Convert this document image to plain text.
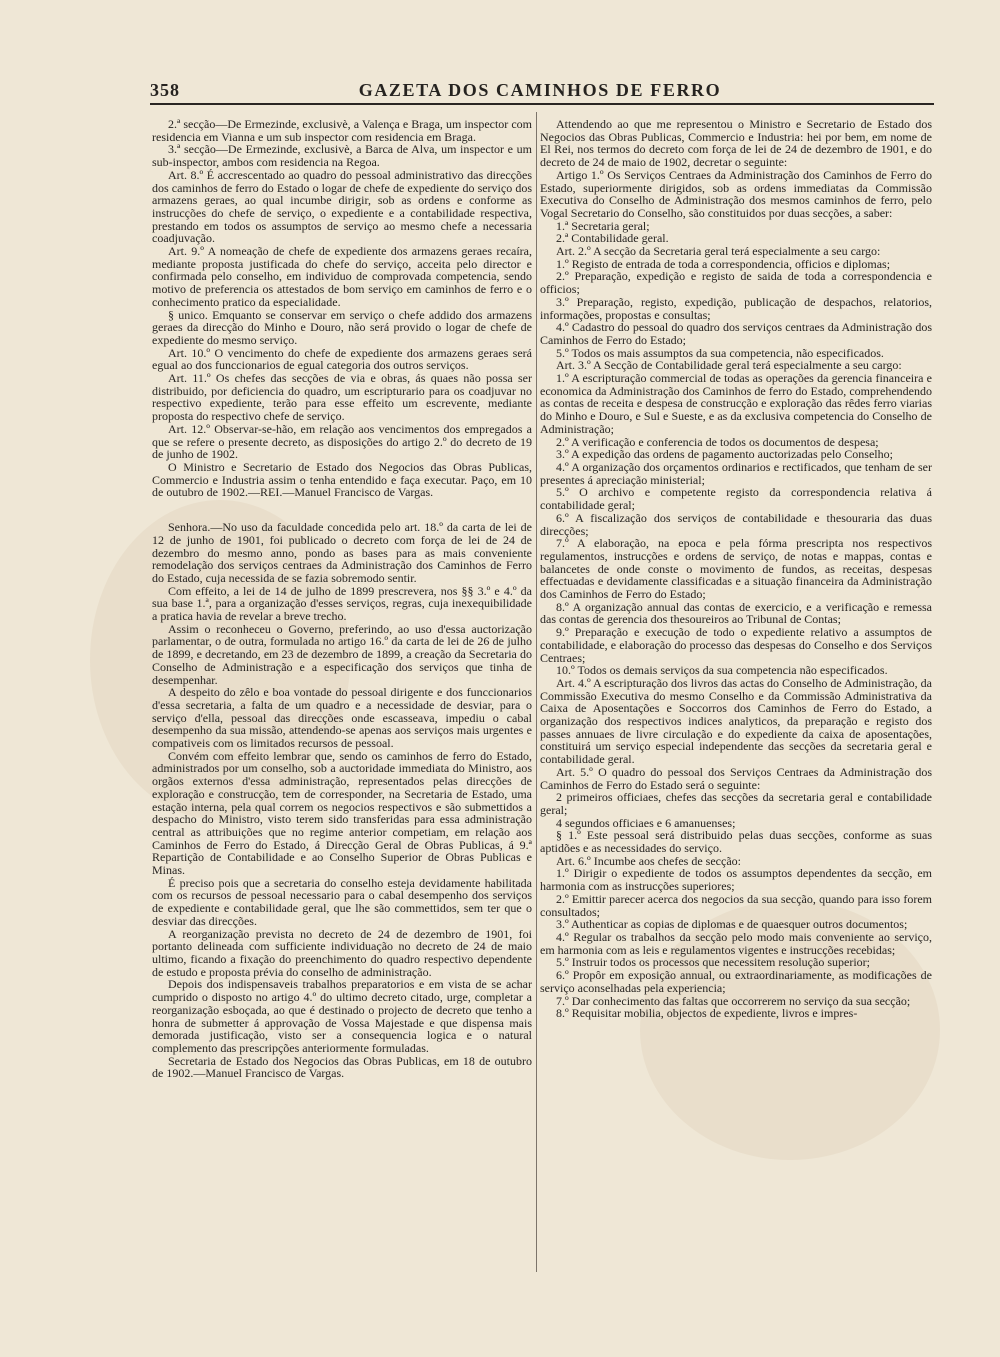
358	GAZETA DOS CAMINHOS DE FERRO

2.ª secção—De Ermezinde, exclusivè, a Valença e Braga, um inspector com residencia em Vianna e um sub inspector com residencia em Braga.

3.ª secção—De Ermezinde, exclusivè, a Barca de Alva, um inspector e um sub-inspector, ambos com residencia na Regoa.

Art. 8.º É accrescentado ao quadro do pessoal administrativo das direcções dos caminhos de ferro do Estado o logar de chefe de expediente do serviço dos armazens geraes, ao qual incumbe dirigir, sob as ordens e conforme as instrucções do chefe de serviço, o expediente e a contabilidade respectiva, prestando em todos os assumptos de serviço ao mesmo chefe a necessaria coadjuvação.

Art. 9.º A nomeação de chefe de expediente dos armazens geraes recaíra, mediante proposta justificada do chefe do serviço, acceita pelo director e confirmada pelo conselho, em individuo de comprovada competencia, sendo motivo de preferencia os attestados de bom serviço em caminhos de ferro e o conhecimento pratico da especialidade.

§ unico. Emquanto se conservar em serviço o chefe addido dos armazens geraes da direcção do Minho e Douro, não será provido o logar de chefe de expediente do mesmo serviço.

Art. 10.º O vencimento do chefe de expediente dos armazens geraes será egual ao dos funccionarios de egual categoria dos outros serviços.

Art. 11.º Os chefes das secções de via e obras, ás quaes não possa ser distribuido, por deficiencia do quadro, um escripturario para os coadjuvar no respectivo expediente, terão para esse effeito um escrevente, mediante proposta do respectivo chefe de serviço.

Art. 12.º Observar-se-hão, em relação aos vencimentos dos empregados a que se refere o presente decreto, as disposições do artigo 2.º do decreto de 19 de junho de 1902.

O Ministro e Secretario de Estado dos Negocios das Obras Publicas, Commercio e Industria assim o tenha entendido e faça executar. Paço, em 10 de outubro de 1902.—REI.—Manuel Francisco de Vargas.

Senhora.—No uso da faculdade concedida pelo art. 18.º da carta de lei de 12 de junho de 1901, foi publicado o decreto com força de lei de 24 de dezembro do mesmo anno, pondo as bases para as mais conveniente remodelação dos serviços centraes da Administração dos Caminhos de Ferro do Estado, cuja necessida de se fazia sobremodo sentir.

Com effeito, a lei de 14 de julho de 1899 prescrevera, nos §§ 3.º e 4.º da sua base 1.ª, para a organização d'esses serviços, regras, cuja inexequibilidade a pratica havia de revelar a breve trecho.

Assim o reconheceu o Governo, preferindo, ao uso d'essa auctorização parlamentar, o de outra, formulada no artigo 16.º da carta de lei de 26 de julho de 1899, e decretando, em 23 de dezembro de 1899, a creação da Secretaria do Conselho de Administração e a especificação dos serviços que tinha de desempenhar.

A despeito do zêlo e boa vontade do pessoal dirigente e dos funccionarios d'essa secretaria, a falta de um quadro e a necessidade de desviar, para o serviço d'ella, pessoal das direcções onde escasseava, impediu o cabal desempenho da sua missão, attendendo-se apenas aos serviços mais urgentes e compativeis com os limitados recursos de pessoal.

Convém com effeito lembrar que, sendo os caminhos de ferro do Estado, administrados por um conselho, sob a auctoridade immediata do Ministro, aos orgãos externos d'essa administração, representados pelas direcções de exploração e construcção, tem de corresponder, na Secretaria de Estado, uma estação interna, pela qual correm os negocios respectivos e são submettidos a despacho do Ministro, visto terem sido transferidas para essa administração central as attribuições que no regime anterior competiam, em relação aos Caminhos de Ferro do Estado, á Direcção Geral de Obras Publicas, á 9.ª Repartição de Contabilidade e ao Conselho Superior de Obras Publicas e Minas.

É preciso pois que a secretaria do conselho esteja devidamente habilitada com os recursos de pessoal necessario para o cabal desempenho dos serviços de expediente e contabilidade geral, que lhe são commettidos, sem ter que o desviar das direcções.

A reorganização prevista no decreto de 24 de dezembro de 1901, foi portanto delineada com sufficiente individuação no decreto de 24 de maio ultimo, ficando a fixação do preenchimento do quadro respectivo dependente de estudo e proposta prévia do conselho de administração.

Depois dos indispensaveis trabalhos preparatorios e em vista de se achar cumprido o disposto no artigo 4.º do ultimo decreto citado, urge, completar a reorganização esboçada, ao que é destinado o projecto de decreto que tenho a honra de submetter á approvação de Vossa Majestade e que dispensa mais demorada justificação, visto ser a consequencia logica e o natural complemento das prescripções anteriormente formuladas.

Secretaria de Estado dos Negocios das Obras Publicas, em 18 de outubro de 1902.—Manuel Francisco de Vargas.

Attendendo ao que me representou o Ministro e Secretario de Estado dos Negocios das Obras Publicas, Commercio e Industria: hei por bem, em nome de El Rei, nos termos do decreto com força de lei de 24 de dezembro de 1901, e do decreto de 24 de maio de 1902, decretar o seguinte:

Artigo 1.º Os Serviços Centraes da Administração dos Caminhos de Ferro do Estado, superiormente dirigidos, sob as ordens immediatas da Commissão Executiva do Conselho de Administração dos mesmos caminhos de ferro, pelo Vogal Secretario do Conselho, são constituidos por duas secções, a saber:

1.ª Secretaria geral;

2.ª Contabilidade geral.

Art. 2.º A secção da Secretaria geral terá especialmente a seu cargo:

1.º Registo de entrada de toda a correspondencia, officios e diplomas;

2.º Preparação, expedição e registo de saida de toda a correspondencia e officios;

3.º Preparação, registo, expedição, publicação de despachos, relatorios, informações, propostas e consultas;

4.º Cadastro do pessoal do quadro dos serviços centraes da Administração dos Caminhos de Ferro do Estado;

5.º Todos os mais assumptos da sua competencia, não especificados.

Art. 3.º A Secção de Contabilidade geral terá especialmente a seu cargo:

1.º A escripturação commercial de todas as operações da gerencia financeira e economica da Administração dos Caminhos de ferro do Estado, comprehendendo as contas de receita e despesa de construcção e exploração das rêdes ferro viarias do Minho e Douro, e Sul e Sueste, e as da exclusiva competencia do Conselho de Administração;

2.º A verificação e conferencia de todos os documentos de despesa;

3.º A expedição das ordens de pagamento auctorizadas pelo Conselho;

4.º A organização dos orçamentos ordinarios e rectificados, que tenham de ser presentes á apreciação ministerial;

5.º O archivo e competente registo da correspondencia relativa á contabilidade geral;

6.º A fiscalização dos serviços de contabilidade e thesouraria das duas direcções;

7.º A elaboração, na epoca e pela fórma prescripta nos respectivos regulamentos, instrucções e ordens de serviço, de notas e mappas, contas e balancetes de onde conste o movimento de fundos, as receitas, despesas effectuadas e devidamente classificadas e a situação financeira da Administração dos Caminhos de Ferro do Estado;

8.º A organização annual das contas de exercicio, e a verificação e remessa das contas de gerencia dos thesoureiros ao Tribunal de Contas;

9.º Preparação e execução de todo o expediente relativo a assumptos de contabilidade, e elaboração do processo das despesas do Conselho e dos Serviços Centraes;

10.º Todos os demais serviços da sua competencia não especificados.

Art. 4.º A escripturação dos livros das actas do Conselho de Administração, da Commissão Executiva do mesmo Conselho e da Commissão Administrativa da Caixa de Aposentações e Soccorros dos Caminhos de Ferro do Estado, a organização dos respectivos indices analyticos, da preparação e registo dos passes annuaes de livre circulação e do expediente da caixa de aposentações, constituirá um serviço especial independente das secções da secretaria geral e contabilidade geral.

Art. 5.º O quadro do pessoal dos Serviços Centraes da Administração dos Caminhos de Ferro do Estado será o seguinte:

2 primeiros officiaes, chefes das secções da secretaria geral e contabilidade geral;

4 segundos officiaes e 6 amanuenses;

§ 1.º Este pessoal será distribuido pelas duas secções, conforme as suas aptidões e as necessidades do serviço.

Art. 6.º Incumbe aos chefes de secção:

1.º Dirigir o expediente de todos os assumptos dependentes da secção, em harmonia com as instrucções superiores;

2.º Emittir parecer acerca dos negocios da sua secção, quando para isso forem consultados;

3.º Authenticar as copias de diplomas e de quaesquer outros documentos;

4.º Regular os trabalhos da secção pelo modo mais conveniente ao serviço, em harmonia com as leis e regulamentos vigentes e instrucções recebidas;

5.º Instruir todos os processos que necessitem resolução superior;

6.º Propôr em exposição annual, ou extraordinariamente, as modificações de serviço aconselhadas pela experiencia;

7.º Dar conhecimento das faltas que occorrerem no serviço da sua secção;

8.º Requisitar mobilia, objectos de expediente, livros e impres-
